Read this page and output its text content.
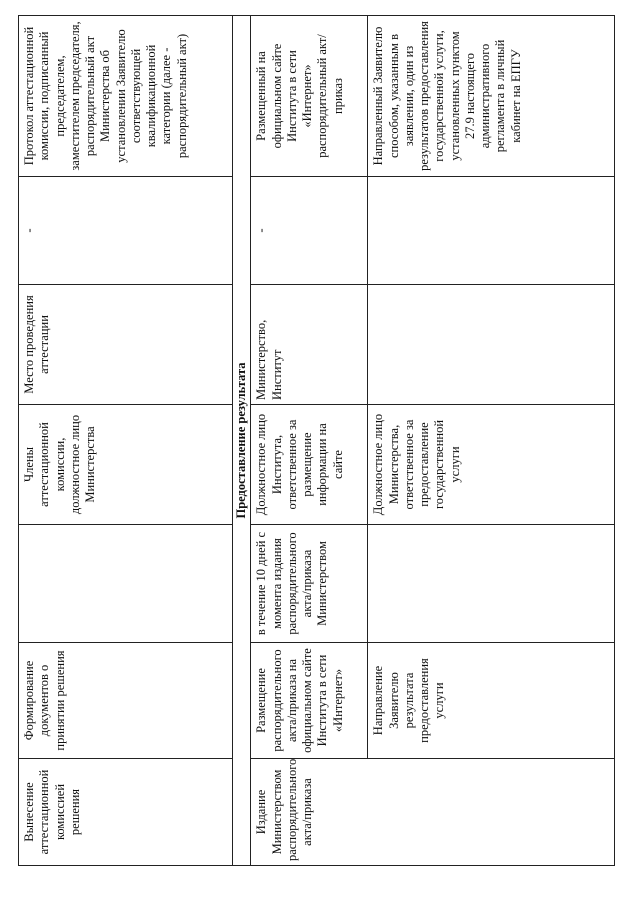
Вынесение аттестационной комиссией решения	Формирование документов о принятии решения		Члены аттестационной комиссии, должностное лицо Министерства	Место проведения аттестации	-	Протокол аттестационной комиссии, подписанный председателем, заместителем председателя, распорядительный акт Министерства об установлении Заявителю соответствующей квалификационной категории (далее - распорядительный акт)
Предоставление результата						
Издание Министерством распорядительного акта/приказа	Размещение распорядительного акта/приказа на официальном сайте Института в сети «Интернет»	в течение 10 дней с момента издания распорядительного акта/приказа Министерством	Должностное лицо Института, ответственное за размещение информации на сайте	Министерство, Институт	-	Размещенный на официальном сайте Института в сети «Интернет» распорядительный акт/приказ
	Направление Заявителю результата предоставления услуги		Должностное лицо Министерства, ответственное за предоставление государственной услуги			Направленный Заявителю способом, указанным в заявлении, один из результатов предоставления государственной услуги, установленных пунктом 27.9 настоящего административного регламента в личный кабинет на ЕПГУ
